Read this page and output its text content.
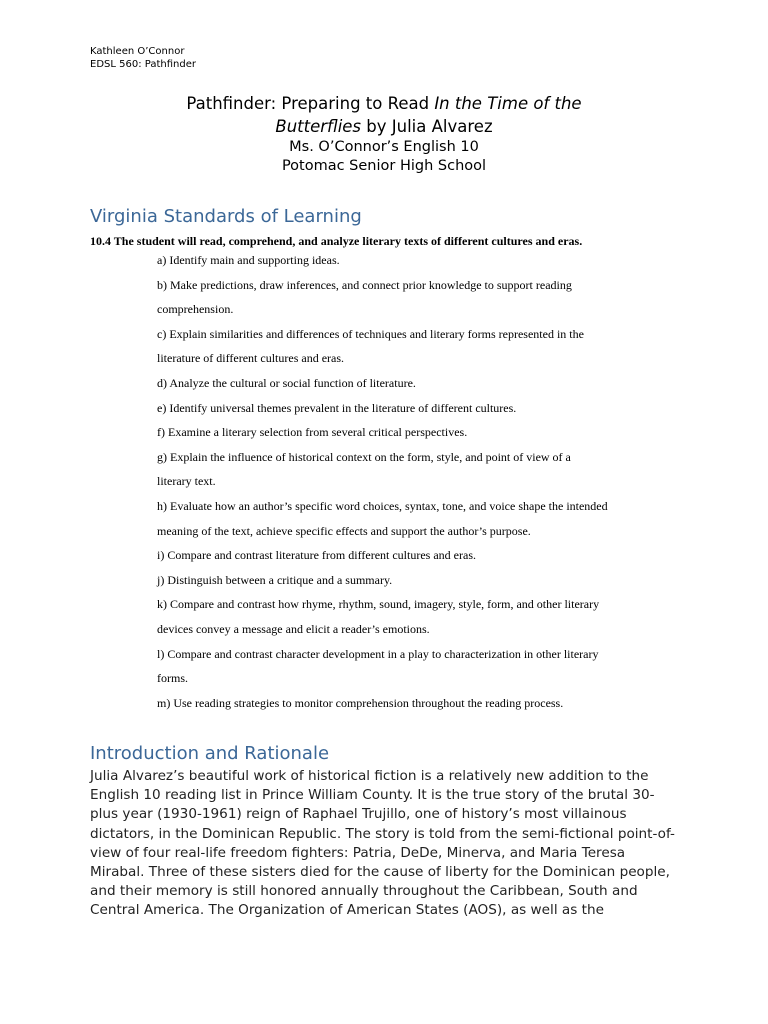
Kathleen O’Connor
EDSL 560: Pathfinder
Pathfinder: Preparing to Read In the Time of the
Butterflies by Julia Alvarez
Ms. O’Connor’s English 10
Potomac Senior High School
Virginia Standards of Learning
10.4 The student will read, comprehend, and analyze literary texts of different cultures and eras.
a) Identify main and supporting ideas.
b) Make predictions, draw inferences, and connect prior knowledge to support reading
comprehension.
c) Explain similarities and differences of techniques and literary forms represented in the
literature of different cultures and eras.
d) Analyze the cultural or social function of literature.
e) Identify universal themes prevalent in the literature of different cultures.
f) Examine a literary selection from several critical perspectives.
g) Explain the influence of historical context on the form, style, and point of view of a
literary text.
h) Evaluate how an author’s specific word choices, syntax, tone, and voice shape the intended
meaning of the text, achieve specific effects and support the author’s purpose.
i) Compare and contrast literature from different cultures and eras.
j) Distinguish between a critique and a summary.
k) Compare and contrast how rhyme, rhythm, sound, imagery, style, form, and other literary
devices convey a message and elicit a reader’s emotions.
l) Compare and contrast character development in a play to characterization in other literary
forms.
m) Use reading strategies to monitor comprehension throughout the reading process.
Introduction and Rationale

Julia Alvarez’s beautiful work of historical fiction is a relatively new addition to the English 10 reading list in Prince William County. It is the true story of the brutal 30-plus year (1930-1961) reign of Raphael Trujillo, one of history’s most villainous dictators, in the Dominican Republic. The story is told from the semi-fictional point-of-view of four real-life freedom fighters: Patria, DeDe, Minerva, and Maria Teresa Mirabal. Three of these sisters died for the cause of liberty for the Dominican people, and their memory is still honored annually throughout the Caribbean, South and Central America. The Organization of American States (AOS), as well as the
